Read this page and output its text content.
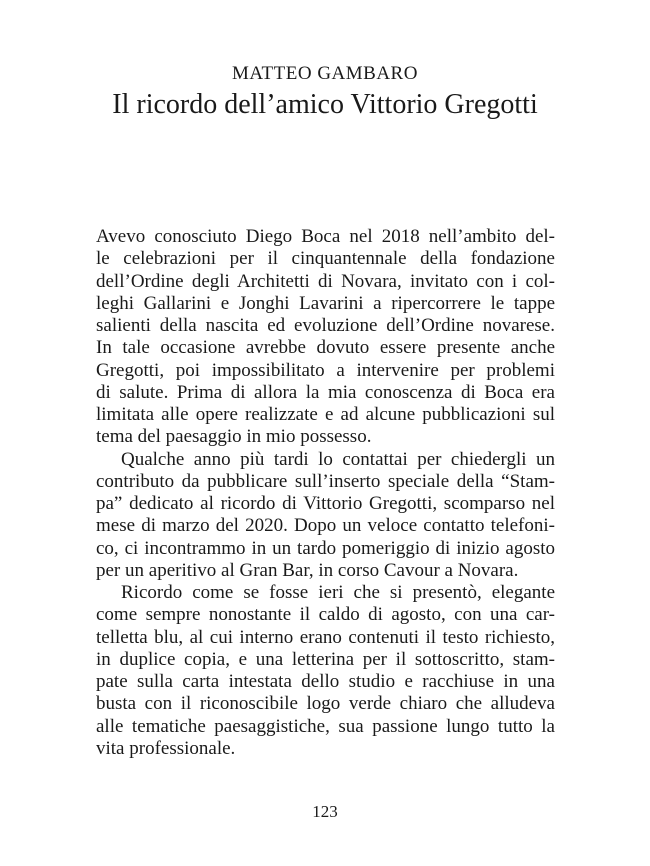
MATTEO GAMBARO
Il ricordo dell’amico Vittorio Gregotti
Avevo conosciuto Diego Boca nel 2018 nell’ambito del-
le celebrazioni per il cinquantennale della fondazione
dell’Ordine degli Architetti di Novara, invitato con i col-
leghi Gallarini e Jonghi Lavarini a ripercorrere le tappe
salienti della nascita ed evoluzione dell’Ordine novarese.
In tale occasione avrebbe dovuto essere presente anche
Gregotti, poi impossibilitato a intervenire per problemi
di salute. Prima di allora la mia conoscenza di Boca era
limitata alle opere realizzate e ad alcune pubblicazioni sul
tema del paesaggio in mio possesso.
Qualche anno più tardi lo contattai per chiedergli un
contributo da pubblicare sull’inserto speciale della “Stam-
pa” dedicato al ricordo di Vittorio Gregotti, scomparso nel
mese di marzo del 2020. Dopo un veloce contatto telefoni-
co, ci incontrammo in un tardo pomeriggio di inizio agosto
per un aperitivo al Gran Bar, in corso Cavour a Novara.
Ricordo come se fosse ieri che si presentò, elegante
come sempre nonostante il caldo di agosto, con una car-
telletta blu, al cui interno erano contenuti il testo richiesto,
in duplice copia, e una letterina per il sottoscritto, stam-
pate sulla carta intestata dello studio e racchiuse in una
busta con il riconoscibile logo verde chiaro che alludeva
alle tematiche paesaggistiche, sua passione lungo tutto la
vita professionale.
123
